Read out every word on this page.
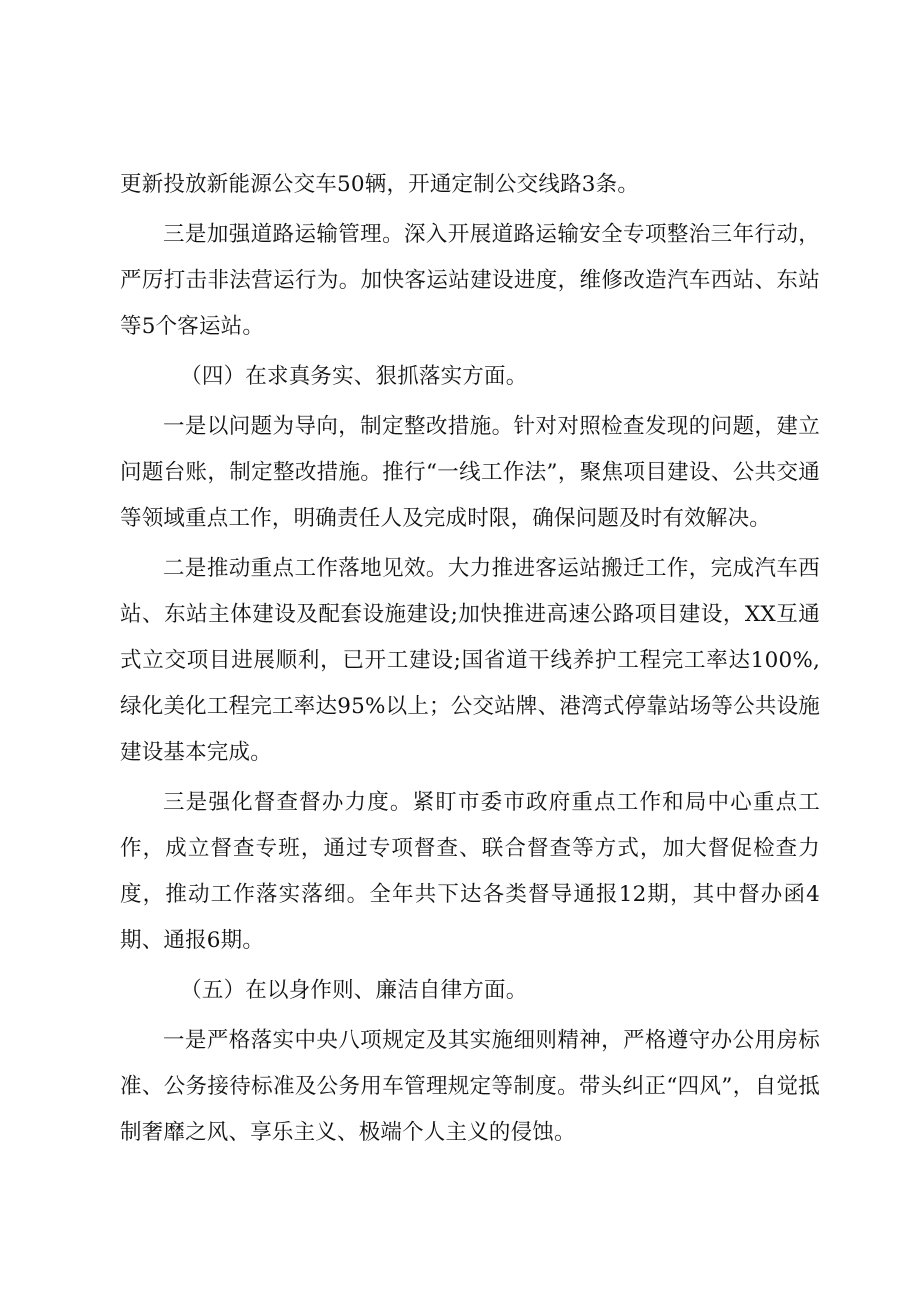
更新投放新能源公交车50辆，开通定制公交线路3条。

三是加强道路运输管理。深入开展道路运输安全专项整治三年行动，严厉打击非法营运行为。加快客运站建设进度，维修改造汽车西站、东站等5个客运站。

（四）在求真务实、狠抓落实方面。

一是以问题为导向，制定整改措施。针对对照检查发现的问题，建立问题台账，制定整改措施。推行“一线工作法”，聚焦项目建设、公共交通等领域重点工作，明确责任人及完成时限，确保问题及时有效解决。

二是推动重点工作落地见效。大力推进客运站搬迁工作，完成汽车西站、东站主体建设及配套设施建设;加快推进高速公路项目建设，XX互通式立交项目进展顺利，已开工建设;国省道干线养护工程完工率达100%,绿化美化工程完工率达95%以上；公交站牌、港湾式停靠站场等公共设施建设基本完成。

三是强化督查督办力度。紧盯市委市政府重点工作和局中心重点工作，成立督查专班，通过专项督查、联合督查等方式，加大督促检查力度，推动工作落实落细。全年共下达各类督导通报12期，其中督办函4期、通报6期。

（五）在以身作则、廉洁自律方面。

一是严格落实中央八项规定及其实施细则精神，严格遵守办公用房标准、公务接待标准及公务用车管理规定等制度。带头纠正“四风”，自觉抵制奢靡之风、享乐主义、极端个人主义的侵蚀。
